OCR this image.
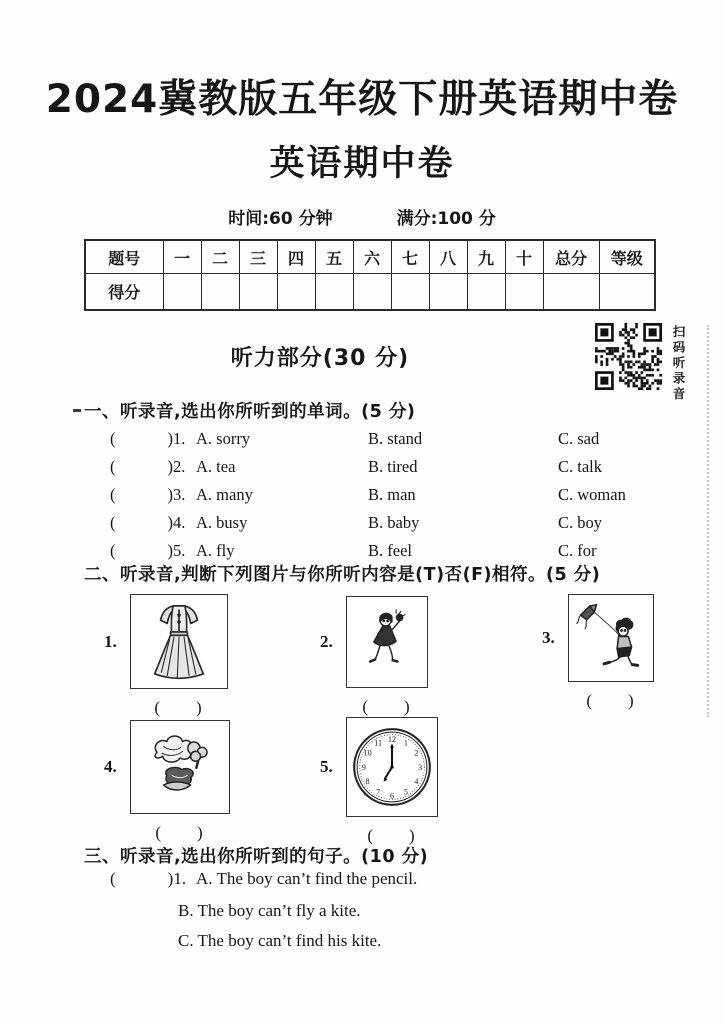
2024冀教版五年级下册英语期中卷
英语期中卷
时间:60 分钟	满分:100 分
题号	一	二	三	四	五	六	七	八	九	十	总分	等级
得分												
听力部分(30 分)	扫码听录音
一、听录音,选出你所听到的单词。(5 分)
(	)1. A. sorry	B. stand	C. sad
(	)2. A. tea	B. tired	C. talk
(	)3. A. many	B. man	C. woman
(	)4. A. busy	B. baby	C. boy
(	)5. A. fly	B. feel	C. for
二、听录音,判断下列图片与你所听内容是(T)否(F)相符。(5 分)
1.
( )
2.
( )
3.
( )
4.
( )
5.
12 1
2
3
4
5
6
7
8
9
10
11
( )
三、听录音,选出你所听到的句子。(10 分)
(	)1. A. The boy can’t find the pencil.
B. The boy can’t fly a kite.
C. The boy can’t find his kite.
